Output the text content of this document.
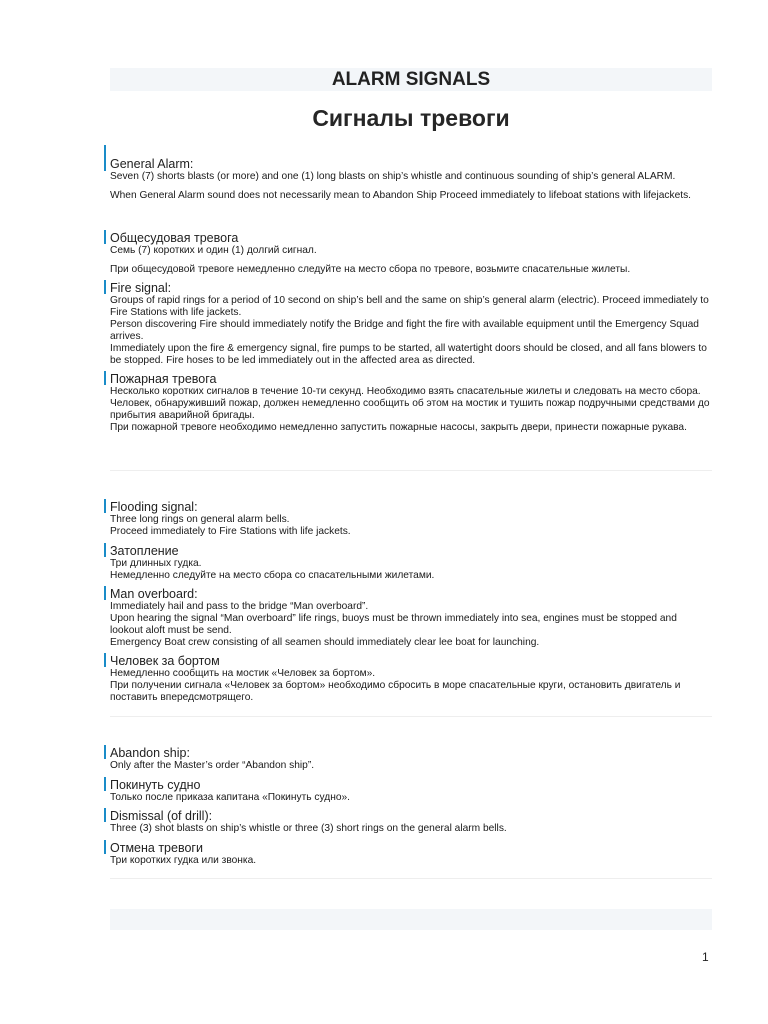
ALARM SIGNALS
Сигналы тревоги
General Alarm:
Seven (7) shorts blasts (or more) and one (1) long blasts on ship’s whistle and continuous sounding of ship’s general ALARM.
When General Alarm sound does not necessarily mean to Abandon Ship Proceed immediately to lifeboat stations with lifejackets.
Общесудовая тревога
Семь (7) коротких и один (1) долгий сигнал.
При общесудовой тревоге немедленно следуйте на место сбора по тревоге, возьмите спасательные жилеты.
Fire signal:
Groups of rapid rings for a period of 10 second on ship’s bell and the same on ship’s general alarm (electric). Proceed immediately to Fire Stations with life jackets.
Person discovering Fire should immediately notify the Bridge and fight the fire with available equipment until the Emergency Squad arrives.
Immediately upon the fire & emergency signal, fire pumps to be started, all watertight doors should be closed, and all fans blowers to be stopped. Fire hoses to be led immediately out in the affected area as directed.
Пожарная тревога
Несколько коротких сигналов в течение 10-ти секунд. Необходимо взять спасательные жилеты и следовать на место сбора.
Человек, обнаруживший пожар, должен немедленно сообщить об этом на мостик и тушить пожар подручными средствами до прибытия аварийной бригады.
При пожарной тревоге необходимо немедленно запустить пожарные насосы, закрыть двери, принести пожарные рукава.
Flooding signal:
Three long rings on general alarm bells.
Proceed immediately to Fire Stations with life jackets.
Затопление
Три длинных гудка.
Немедленно следуйте на место сбора со спасательными жилетами.
Man overboard:
Immediately hail and pass to the bridge “Man overboard”.
Upon hearing the signal “Man overboard” life rings, buoys must be thrown immediately into sea, engines must be stopped and lookout aloft must be send.
Emergency Boat crew consisting of all seamen should immediately clear lee boat for launching.
Человек за бортом
Немедленно сообщить на мостик «Человек за бортом».
При получении сигнала «Человек за бортом» необходимо сбросить в море спасательные круги, остановить двигатель и поставить впередсмотрящего.
Abandon ship:
Only after the Master’s order “Abandon ship”.
Покинуть судно
Только после приказа капитана «Покинуть судно».
Dismissal (of drill):
Three (3) shot blasts on ship’s whistle or three (3) short rings on the general alarm bells.
Отмена тревоги
Три коротких гудка или звонка.
1
